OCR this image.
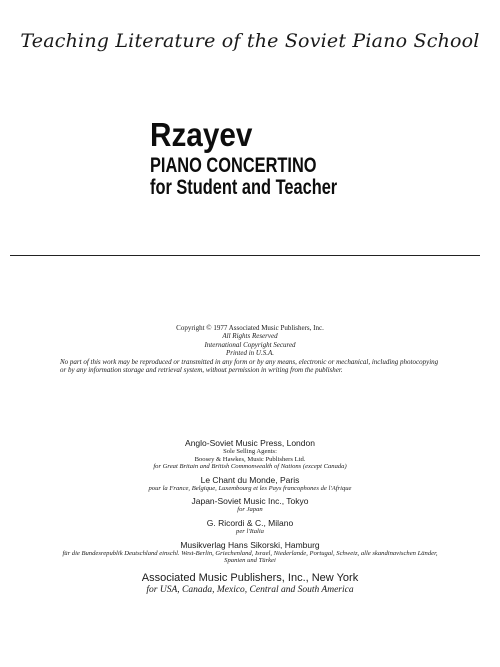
Teaching Literature of the Soviet Piano School
Rzayev
PIANO CONCERTINO
for Student and Teacher
Copyright © 1977 Associated Music Publishers, Inc.
All Rights Reserved
International Copyright Secured
Printed in U.S.A.
No part of this work may be reproduced or transmitted in any form or by any means, electronic or mechanical, including photocopying or by any information storage and retrieval system, without permission in writing from the publisher.
Anglo-Soviet Music Press, London
Sole Selling Agents:
Boosey & Hawkes, Music Publishers Ltd.
for Great Britain and British Commonwealth of Nations (except Canada)
Le Chant du Monde, Paris
pour la France, Belgique, Luxembourg et les Pays francophones de l'Afrique
Japan-Soviet Music Inc., Tokyo
for Japan
G. Ricordi & C., Milano
per l'Italia
Musikverlag Hans Sikorski, Hamburg
für die Bundesrepublik Deutschland einschl. West-Berlin, Griechenland, Israel, Niederlande, Portugal, Schweiz, alle skandinavischen Länder, Spanien und Türkei
Associated Music Publishers, Inc., New York
for USA, Canada, Mexico, Central and South America
